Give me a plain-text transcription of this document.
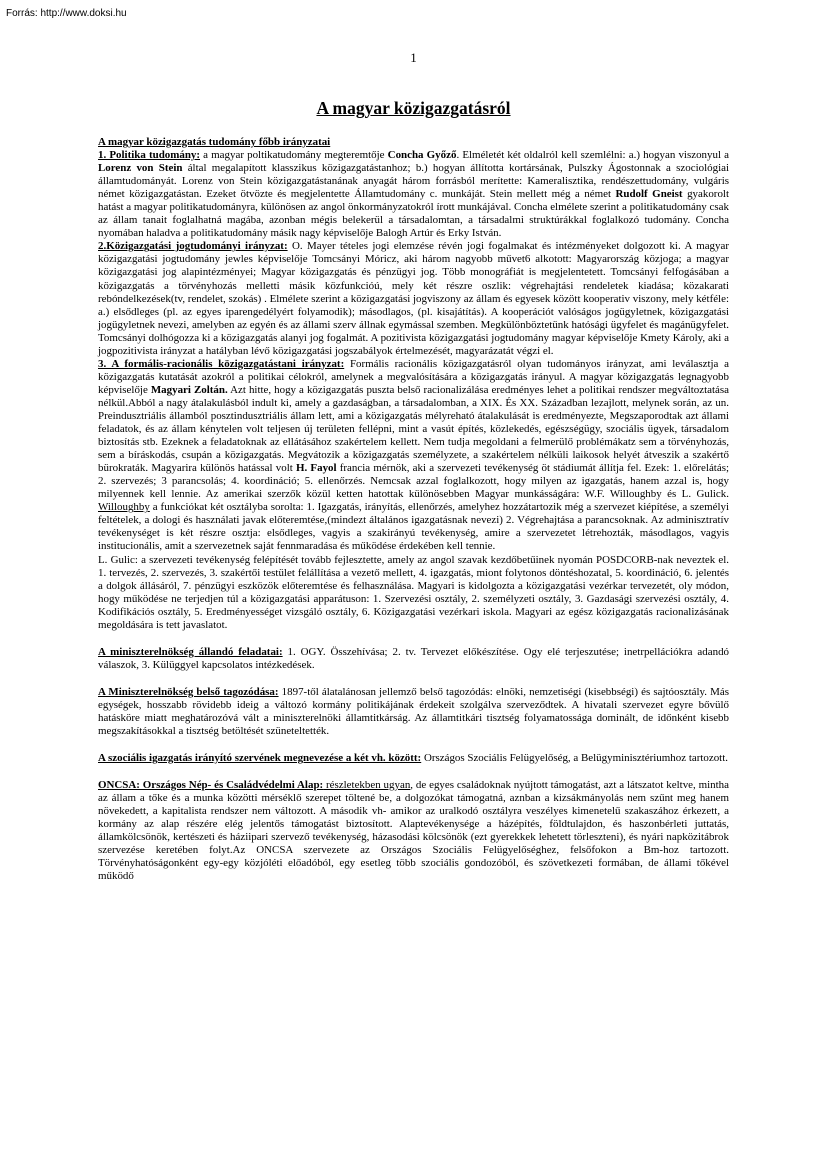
Forrás: http://www.doksi.hu
1
A magyar közigazgatásról

A magyar közigazgatás tudomány főbb irányzatai

1. Politika tudomány: a magyar poltikatudomány megteremtője Concha Győző. Elméletét két oldalról kell szemlélni: a.) hogyan viszonyul a Lorenz von Stein által megalapított klasszikus közigazgatástanhoz; b.) hogyan állította kortársának, Pulszky Ágostonnak a szociológiai államtudományát. Lorenz von Stein közigazgatástanának anyagát három forrásból merítette: Kameralisztika, rendészettudomány, vulgáris német közigazgatástan. Ezeket ötvözte és megjelentette Államtudomány c. munkáját. Stein mellett még a német Rudolf Gneist gyakorolt hatást a magyar politikatudományra, különösen az angol önkormányzatokról írott munkájával. Concha elmélete szerint a politikatudomány csak az állam tanait foglalhatná magába, azonban mégis belekerül a társadalomtan, a társadalmi struktúrákkal foglalkozó tudomány. Concha nyomában haladva a politikatudomány másik nagy képviselője Balogh Artúr és Erky István.

2.Közigazgatási jogtudományi irányzat: O. Mayer tételes jogi elemzése révén jogi fogalmakat és intézményeket dolgozott ki. A magyar közigazgatási jogtudomány jewles képviselője Tomcsányi Móricz, aki három nagyobb művet6 alkotott: Magyarország közjoga; a magyar közigazgatási jog alapintézményei; Magyar közigazgatás és pénzügyi jog. Több monográfiát is megjelentetett. Tomcsányi felfogásában a közigazgatás a törvényhozás melletti másik közfunkcióú, mely két részre oszlik: végrehajtási rendeletek kiadása; közakarati rebóndelkezések(tv, rendelet, szokás) . Elmélete szerint a közigazgatási jogviszony az állam és egyesek között kooperativ viszony, mely kétféle: a.) elsődleges (pl. az egyes iparengedélyért folyamodik); másodlagos, (pl. kisajátítás). A kooperációt valóságos jogügyletnek, közigazgatási jogügyletnek nevezi, amelyben az egyén és az állami szerv állnak egymással szemben. Megkülönböztetünk hatósági ügyfelet és magánügyfelet. Tomcsányi dolhógozza ki a közigazgatás alanyi jog fogalmát. A pozitivista közigazgatási jogtudomány magyar képviselője Kmety Károly, aki a jogpozitivista irányzat a hatályban lévő közigazgatási jogszabályok értelmezését, magyarázatát végzi el.

3. A formális-racionális közigazgatástani irányzat: Formális racionális közigazgatásról olyan tudományos irányzat, ami leválasztja a közigazgatás kutatását azokról a politikai célokról, amelynek a megvalósítására a közigazgatás irányul. A magyar közigazgatás legnagyobb képviselője Magyari Zoltán. Azt hitte, hogy a közigazgatás puszta belső racionalizálása eredményes lehet a politikai rendszer megváltoztatása nélkül.Abból a nagy átalakulásból indult ki, amely a gazdaságban, a társadalomban, a XIX. És XX. Században lezajlott, melynek során, az un. Preindusztriális államból posztindusztriális állam lett, ami a közigazgatás mélyreható átalakulását is eredményezte, Megszaporodtak azt állami feladatok, és az állam kénytelen volt teljesen új területen fellépni, mint a vasút építés, közlekedés, egészségügy, szociális ügyek, társadalom biztosítás stb. Ezeknek a feladatoknak az ellátásához szakértelem kellett. Nem tudja megoldani a felmerülő problémákatz sem a törvényhozás, sem a bíráskodás, csupán a közigazgatás. Megvátozik a közigazgatás személyzete, a szakértelem nélküli laikosok helyét átveszik a szakértő bürokraták. Magyarira különös hatással volt H. Fayol francia mérnök, aki a szervezeti tevékenység öt stádiumát állítja fel. Ezek: 1. előrelátás; 2. szervezés; 3 parancsolás; 4. koordináció; 5. ellenőrzés. Nemcsak azzal foglalkozott, hogy milyen az igazgatás, hanem azzal is, hogy milyennek kell lennie. Az amerikai szerzők közül ketten hatottak különösebben Magyar munkásságára: W.F. Willoughby és L. Gulick. Willoughby a funkciókat két osztályba sorolta: 1. Igazgatás, irányítás, ellenőrzés, amelyhez hozzátartozik még a szervezet kiépítése, a személyi feltételek, a dologi és használati javak előteremtése,(mindezt általános igazgatásnak nevezi) 2. Végrehajtása a parancsoknak. Az adminisztratív tevékenységet is két részre osztja: elsődleges, vagyis a szakirányú tevékenység, amire a szervezetet létrehozták, másodlagos, vagyis institucionális, amit a szervezetnek saját fennmaradása és működése érdekében kell tennie.

L. Gulic: a szervezeti tevékenység felépítését tovább fejlesztette, amely az angol szavak kezdőbetűinek nyomán POSDCORB-nak neveztek el. 1. tervezés, 2. szervezés, 3. szakértői testület felállítása a vezető mellett, 4. igazgatás, miont folytonos döntéshozatal, 5. koordináció, 6. jelentés a dolgok állásáról, 7. pénzügyi eszközök előteremtése és felhasználása. Magyari is kidolgozta a közigazgatási vezérkar tervezetét, oly módon, hogy működése ne terjedjen túl a közigazgatási apparátuson: 1. Szervezési osztály, 2. személyzeti osztály, 3. Gazdasági szervezési osztály, 4. Kodifikációs osztály, 5. Eredményességet vizsgáló osztály, 6. Közigazgatási vezérkari iskola. Magyari az egész közigazgatás racionalizásának megoldására is tett javaslatot.

A miniszterelnökség állandó feladatai: 1. OGY. Összehívása; 2. tv. Tervezet előkészítése. Ogy elé terjeszutése; inetrpellációkra adandó válaszok, 3. Külüggyel kapcsolatos intézkedések.

A Miniszterelnökség belső tagozódása: 1897-től álatalánosan jellemző belső tagozódás: elnöki, nemzetiségi (kisebbségi) és sajtóosztály. Más egységek, hosszabb rövidebb ideig a változó kormány politikájának érdekeit szolgálva szerveződtek. A hivatali szervezet egyre bővülő hatásköre miatt meghatározóvá vált a miniszterelnöki államtitkárság. Az államtitkári tisztség folyamatossága dominált, de időnként kisebb megszakításokkal a tisztség betöltését szüneteltették.

A szociális igazgatás irányító szervének megnevezése a két vh. között: Országos Szociális Felügyelőség, a Belügyminisztériumhoz tartozott.

ONCSA: Országos Nép- és Családvédelmi Alap: részletekben ugyan, de egyes családoknak nyújtott támogatást, azt a látszatot keltve, mintha az állam a tőke és a munka közötti mérséklő szerepet töltené be, a dolgozókat támogatná, aznban a kizsákmányolás nem szűnt meg hanem növekedett, a kapitalista rendszer nem változott. A második vh- amikor az uralkodó osztályra veszélyes kimenetelű szakaszához érkezett, a kormány az alap részére elég jelentős támogatást biztosított. Alaptevékenysége a házépítés, földtulajdon, és haszonbérleti juttatás, államkölcsönök, kertészeti és háziipari szervező tevékenység, házasodási kölcsönök (ezt gyerekkek lehetett törleszteni), és nyári napközitábrok szervezése keretében folyt.Az ONCSA szervezete az Országos Szociális Felügyelőséghez, felsőfokon a Bm-hoz tartozott. Törvényhatóságonként egy-egy közjóléti előadóból, egy esetleg több szociális gondozóból, és szövetkezeti formában, de állami tőkével működő
